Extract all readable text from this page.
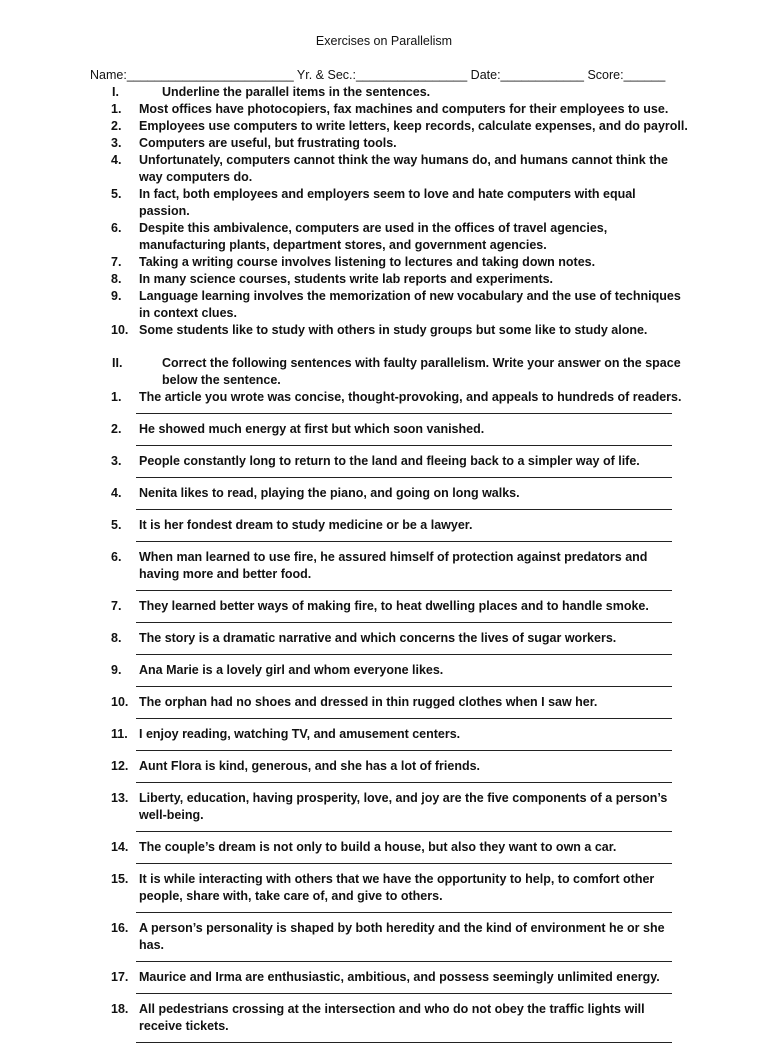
Exercises on Parallelism
Name:________________________ Yr. & Sec.:________________ Date:____________ Score:______
I.	Underline the parallel items in the sentences.
1.	Most offices have photocopiers, fax machines and computers for their employees to use.
2.	Employees use computers to write letters, keep records, calculate expenses, and do payroll.
3.	Computers are useful, but frustrating tools.
4.	Unfortunately, computers cannot think the way humans do, and humans cannot think the way computers do.
5.	In fact, both employees and employers seem to love and hate computers with equal passion.
6.	Despite this ambivalence, computers are used in the offices of travel agencies, manufacturing plants, department stores, and government agencies.
7.	Taking a writing course involves listening to lectures and taking down notes.
8.	In many science courses, students write lab reports and experiments.
9.	Language learning involves the memorization of new vocabulary and the use of techniques in context clues.
10. Some students like to study with others in study groups but some like to study alone.
II.	Correct the following sentences with faulty parallelism. Write your answer on the space below the sentence.
1.	The article you wrote was concise, thought-provoking, and appeals to hundreds of readers.
2.	He showed much energy at first but which soon vanished.
3.	People constantly long to return to the land and fleeing back to a simpler way of life.
4.	Nenita likes to read, playing the piano, and going on long walks.
5.	It is her fondest dream to study medicine or be a lawyer.
6.	When man learned to use fire, he assured himself of protection against predators and having more and better food.
7.	They learned better ways of making fire, to heat dwelling places and to handle smoke.
8.	The story is a dramatic narrative and which concerns the lives of sugar workers.
9.	Ana Marie is a lovely girl and whom everyone likes.
10. The orphan had no shoes and dressed in thin rugged clothes when I saw her.
11. I enjoy reading, watching TV, and amusement centers.
12. Aunt Flora is kind, generous, and she has a lot of friends.
13. Liberty, education, having prosperity, love, and joy are the five components of a person’s well-being.
14. The couple’s dream is not only to build a house, but also they want to own a car.
15. It is while interacting with others that we have the opportunity to help, to comfort other people, share with, take care of, and give to others.
16. A person’s personality is shaped by both heredity and the kind of environment he or she has.
17. Maurice and Irma are enthusiastic, ambitious, and possess seemingly unlimited energy.
18. All pedestrians crossing at the intersection and who do not obey the traffic lights will receive tickets.
